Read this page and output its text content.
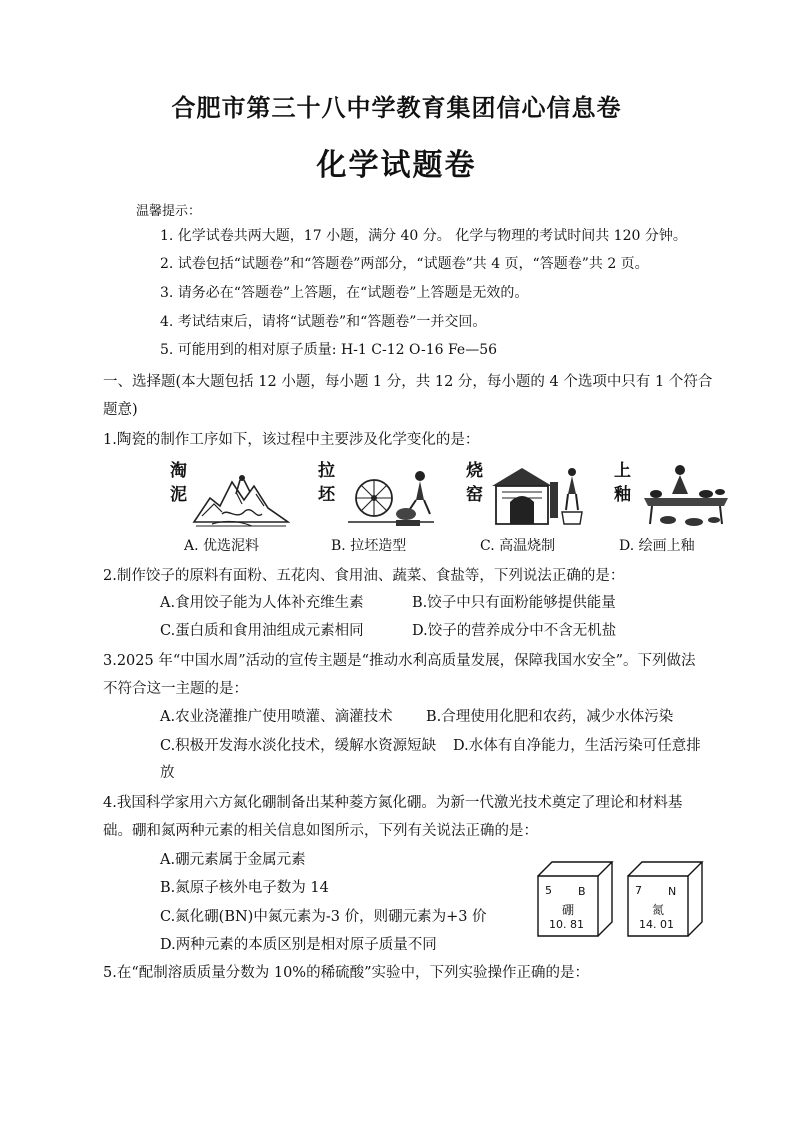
合肥市第三十八中学教育集团信心信息卷
化学试题卷
温馨提示：
1. 化学试卷共两大题，17 小题，满分 40 分。 化学与物理的考试时间共 120 分钟。
2. 试卷包括“试题卷”和“答题卷”两部分，“试题卷”共 4 页，“答题卷”共 2 页。
3. 请务必在“答题卷”上答题，在“试题卷”上答题是无效的。
4. 考试结束后，请将“试题卷”和“答题卷”一并交回。
5. 可能用到的相对原子质量: H-1 C-12 O-16 Fe—56
一、选择题(本大题包括 12 小题，每小题 1 分，共 12 分，每小题的 4 个选项中只有 1 个符合
题意)
1.陶瓷的制作工序如下，该过程中主要涉及化学变化的是：
淘
泥
A. 优选泥料
拉
坯
B. 拉坯造型
烧
窑
C. 高温烧制
上
釉
D. 绘画上釉
2.制作饺子的原料有面粉、五花肉、食用油、蔬菜、食盐等，下列说法正确的是：
A.食用饺子能为人体补充维生素	B.饺子中只有面粉能够提供能量
C.蛋白质和食用油组成元素相同	D.饺子的营养成分中不含无机盐
3.2025 年“中国水周”活动的宣传主题是“推动水利高质量发展，保障我国水安全”。下列做法
不符合这一主题的是：
A.农业浇灌推广使用喷灌、滴灌技术 B.合理使用化肥和农药，减少水体污染
C.积极开发海水淡化技术，缓解水资源短缺 D.水体有自净能力，生活污染可任意排
放
4.我国科学家用六方氮化硼制备出某种菱方氮化硼。为新一代激光技术奠定了理论和材料基
础。硼和氮两种元素的相关信息如图所示，下列有关说法正确的是：
A.硼元素属于金属元素
B.氮原子核外电子数为 14
C.氮化硼(BN)中氮元素为-3 价，则硼元素为+3 价
D.两种元素的本质区别是相对原子质量不同
5 B
硼
10. 81
7 N
氮
14. 01
5.在“配制溶质质量分数为 10%的稀硫酸”实验中，下列实验操作正确的是：
